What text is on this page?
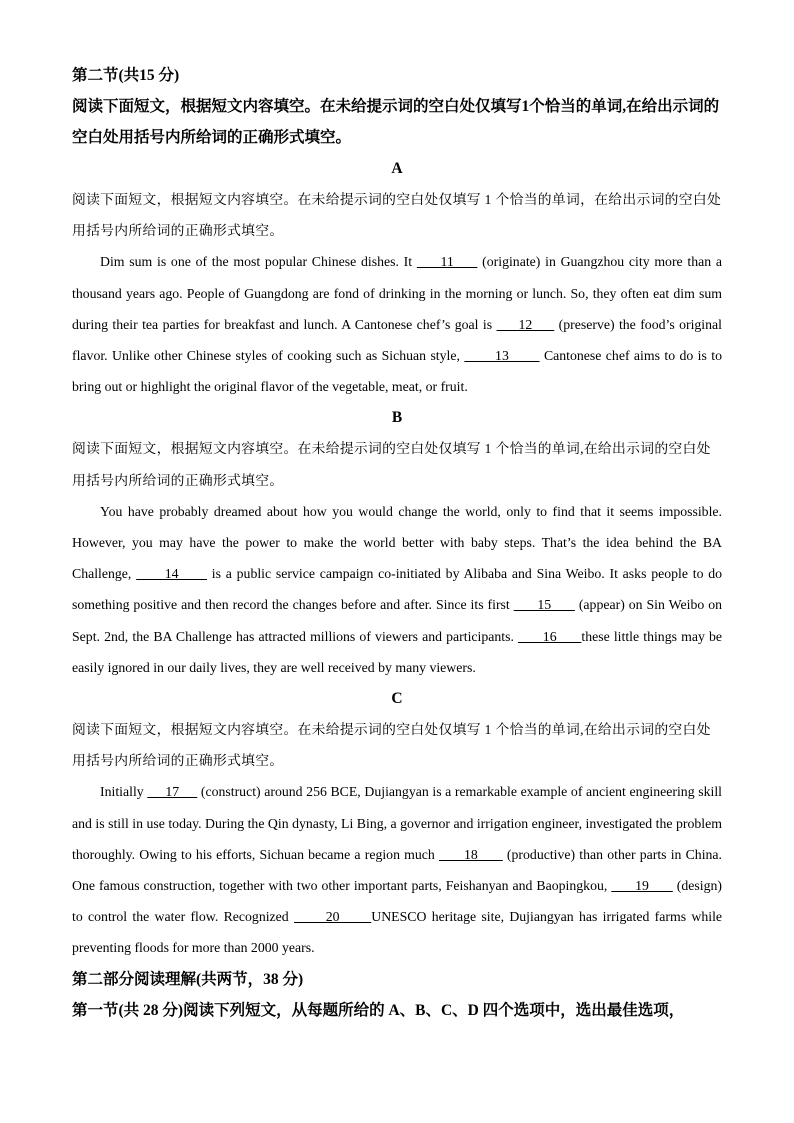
第二节(共15 分)
阅读下面短文，根据短文内容填空。在未给提示词的空白处仅填写1个恰当的单词,在给出示词的空白处用括号内所给词的正确形式填空。
A
阅读下面短文，根据短文内容填空。在未给提示词的空白处仅填写 1 个恰当的单词，在给出示词的空白处用括号内所给词的正确形式填空。
Dim sum is one of the most popular Chinese dishes. It      11      (originate) in Guangzhou city more than a thousand years ago. People of Guangdong are fond of drinking in the morning or lunch. So, they often eat dim sum during their tea parties for breakfast and lunch. A Cantonese chef’s goal is      12      (preserve) the food’s original flavor. Unlike other Chinese styles of cooking such as Sichuan style,        13        Cantonese chef aims to do is to bring out or highlight the original flavor of the vegetable, meat, or fruit.
B
阅读下面短文，根据短文内容填空。在未给提示词的空白处仅填写 1 个恰当的单词,在给出示词的空白处用括号内所给词的正确形式填空。
You have probably dreamed about how you would change the world, only to find that it seems impossible. However, you may have the power to make the world better with baby steps. That’s the idea behind the BA Challenge,       14       is a public service campaign co-initiated by Alibaba and Sina Weibo. It asks people to do something positive and then record the changes before and after. Since its first       15       (appear) on Sin Weibo on Sept. 2nd, the BA Challenge has attracted millions of viewers and participants.       16      these little things may be easily ignored in our daily lives, they are well received by many viewers.
C
阅读下面短文，根据短文内容填空。在未给提示词的空白处仅填写 1 个恰当的单词,在给出示词的空白处用括号内所给词的正确形式填空。
Initially      17      (construct) around 256 BCE, Dujiangyan is a remarkable example of ancient engineering skill and is still in use today. During the Qin dynasty, Li Bing, a governor and irrigation engineer, investigated the problem thoroughly. Owing to his efforts, Sichuan became a region much       18       (productive) than other parts in China. One famous construction, together with two other important parts, Feishanyan and Baopingkou,       19       (design) to control the water flow. Recognized       20      UNESCO heritage site, Dujiangyan has irrigated farms while preventing floods for more than 2000 years.
第二部分阅读理解(共两节，38 分)
第一节(共 28 分)阅读下列短文，从每题所给的 A、B、C、D 四个选项中，选出最佳选项，
